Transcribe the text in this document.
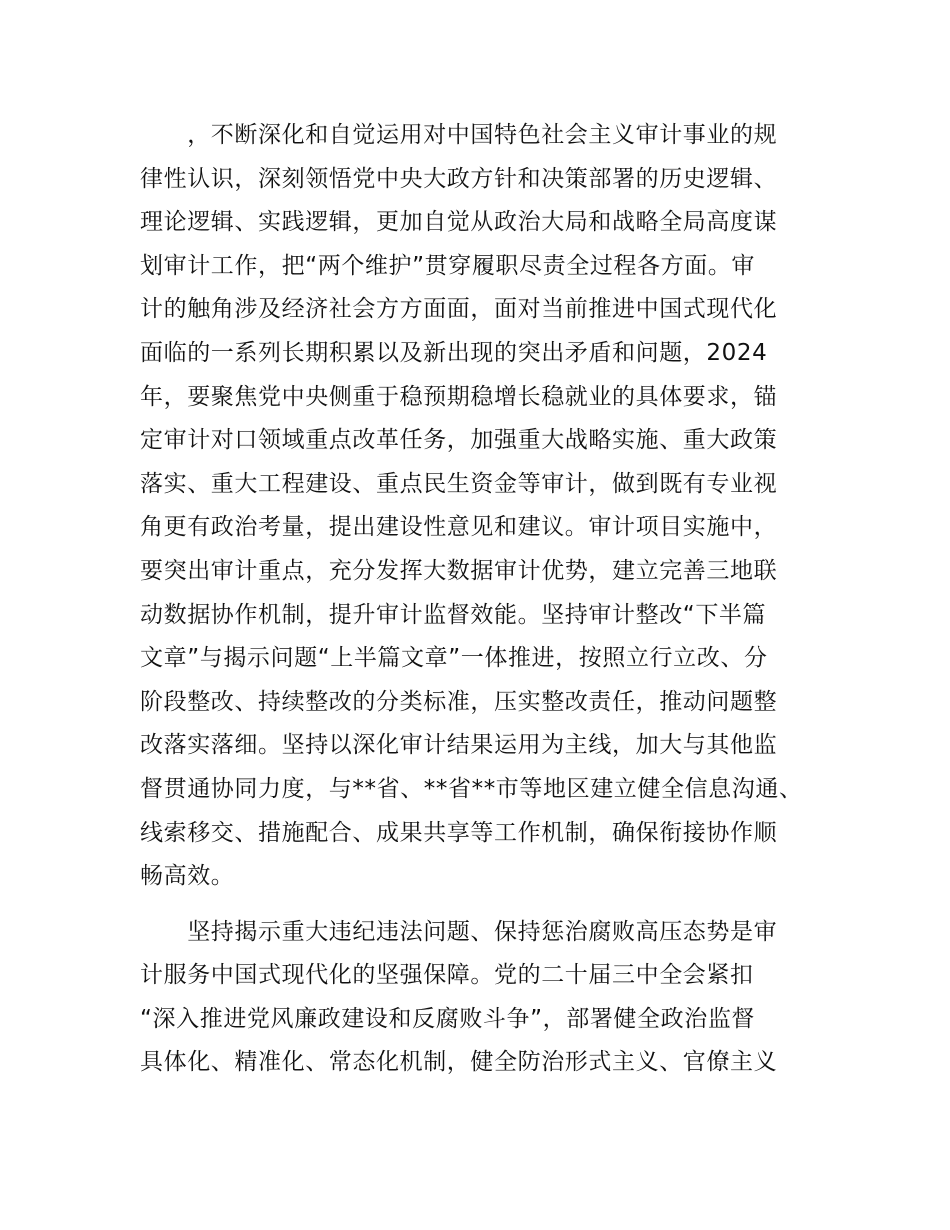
　　，不断深化和自觉运用对中国特色社会主义审计事业的规
律性认识，深刻领悟党中央大政方针和决策部署的历史逻辑、
理论逻辑、实践逻辑，更加自觉从政治大局和战略全局高度谋
划审计工作，把“两个维护”贯穿履职尽责全过程各方面。审
计的触角涉及经济社会方方面面，面对当前推进中国式现代化
面临的一系列长期积累以及新出现的突出矛盾和问题，2024
年，要聚焦党中央侧重于稳预期稳增长稳就业的具体要求，锚
定审计对口领域重点改革任务，加强重大战略实施、重大政策
落实、重大工程建设、重点民生资金等审计，做到既有专业视
角更有政治考量，提出建设性意见和建议。审计项目实施中，
要突出审计重点，充分发挥大数据审计优势，建立完善三地联
动数据协作机制，提升审计监督效能。坚持审计整改“下半篇
文章”与揭示问题“上半篇文章”一体推进，按照立行立改、分
阶段整改、持续整改的分类标准，压实整改责任，推动问题整
改落实落细。坚持以深化审计结果运用为主线，加大与其他监
督贯通协同力度，与**省、**省**市等地区建立健全信息沟通、
线索移交、措施配合、成果共享等工作机制，确保衔接协作顺
畅高效。
　　坚持揭示重大违纪违法问题、保持惩治腐败高压态势是审
计服务中国式现代化的坚强保障。党的二十届三中全会紧扣
“深入推进党风廉政建设和反腐败斗争”，部署健全政治监督
具体化、精准化、常态化机制，健全防治形式主义、官僚主义
